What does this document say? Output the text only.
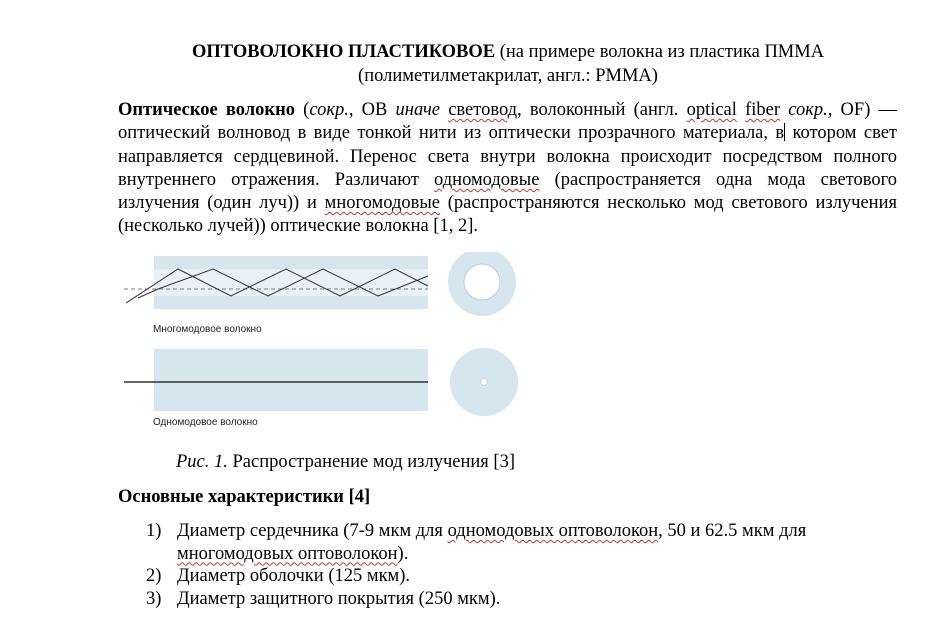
ОПТОВОЛОКНО ПЛАСТИКОВОЕ (на примере волокна из пластика ПММА
(полиметилметакрилат, англ.: PMMA)

Оптическое волокно (сокр., ОВ иначе световод, волоконный (англ. optical fiber сокр., OF) — оптический волновод в виде тонкой нити из оптически прозрачного материала, в котором свет направляется сердцевиной. Перенос света внутри волокна происходит посредством полного внутреннего отражения. Различают одномодовые (распространяется одна мода светового излучения (один луч)) и многомодовые (распространяются несколько мод светового излучения (несколько лучей)) оптические волокна [1, 2].

Многомодовое волокно
Одномодовое волокно
Рис. 1. Распространение мод излучения [3]
Основные характеристики [4]
1) Диаметр сердечника (7-9 мкм для одномодовых оптоволокон, 50 и 62.5 мкм для многомодовых оптоволокон).
2) Диаметр оболочки (125 мкм).
3) Диаметр защитного покрытия (250 мкм).
